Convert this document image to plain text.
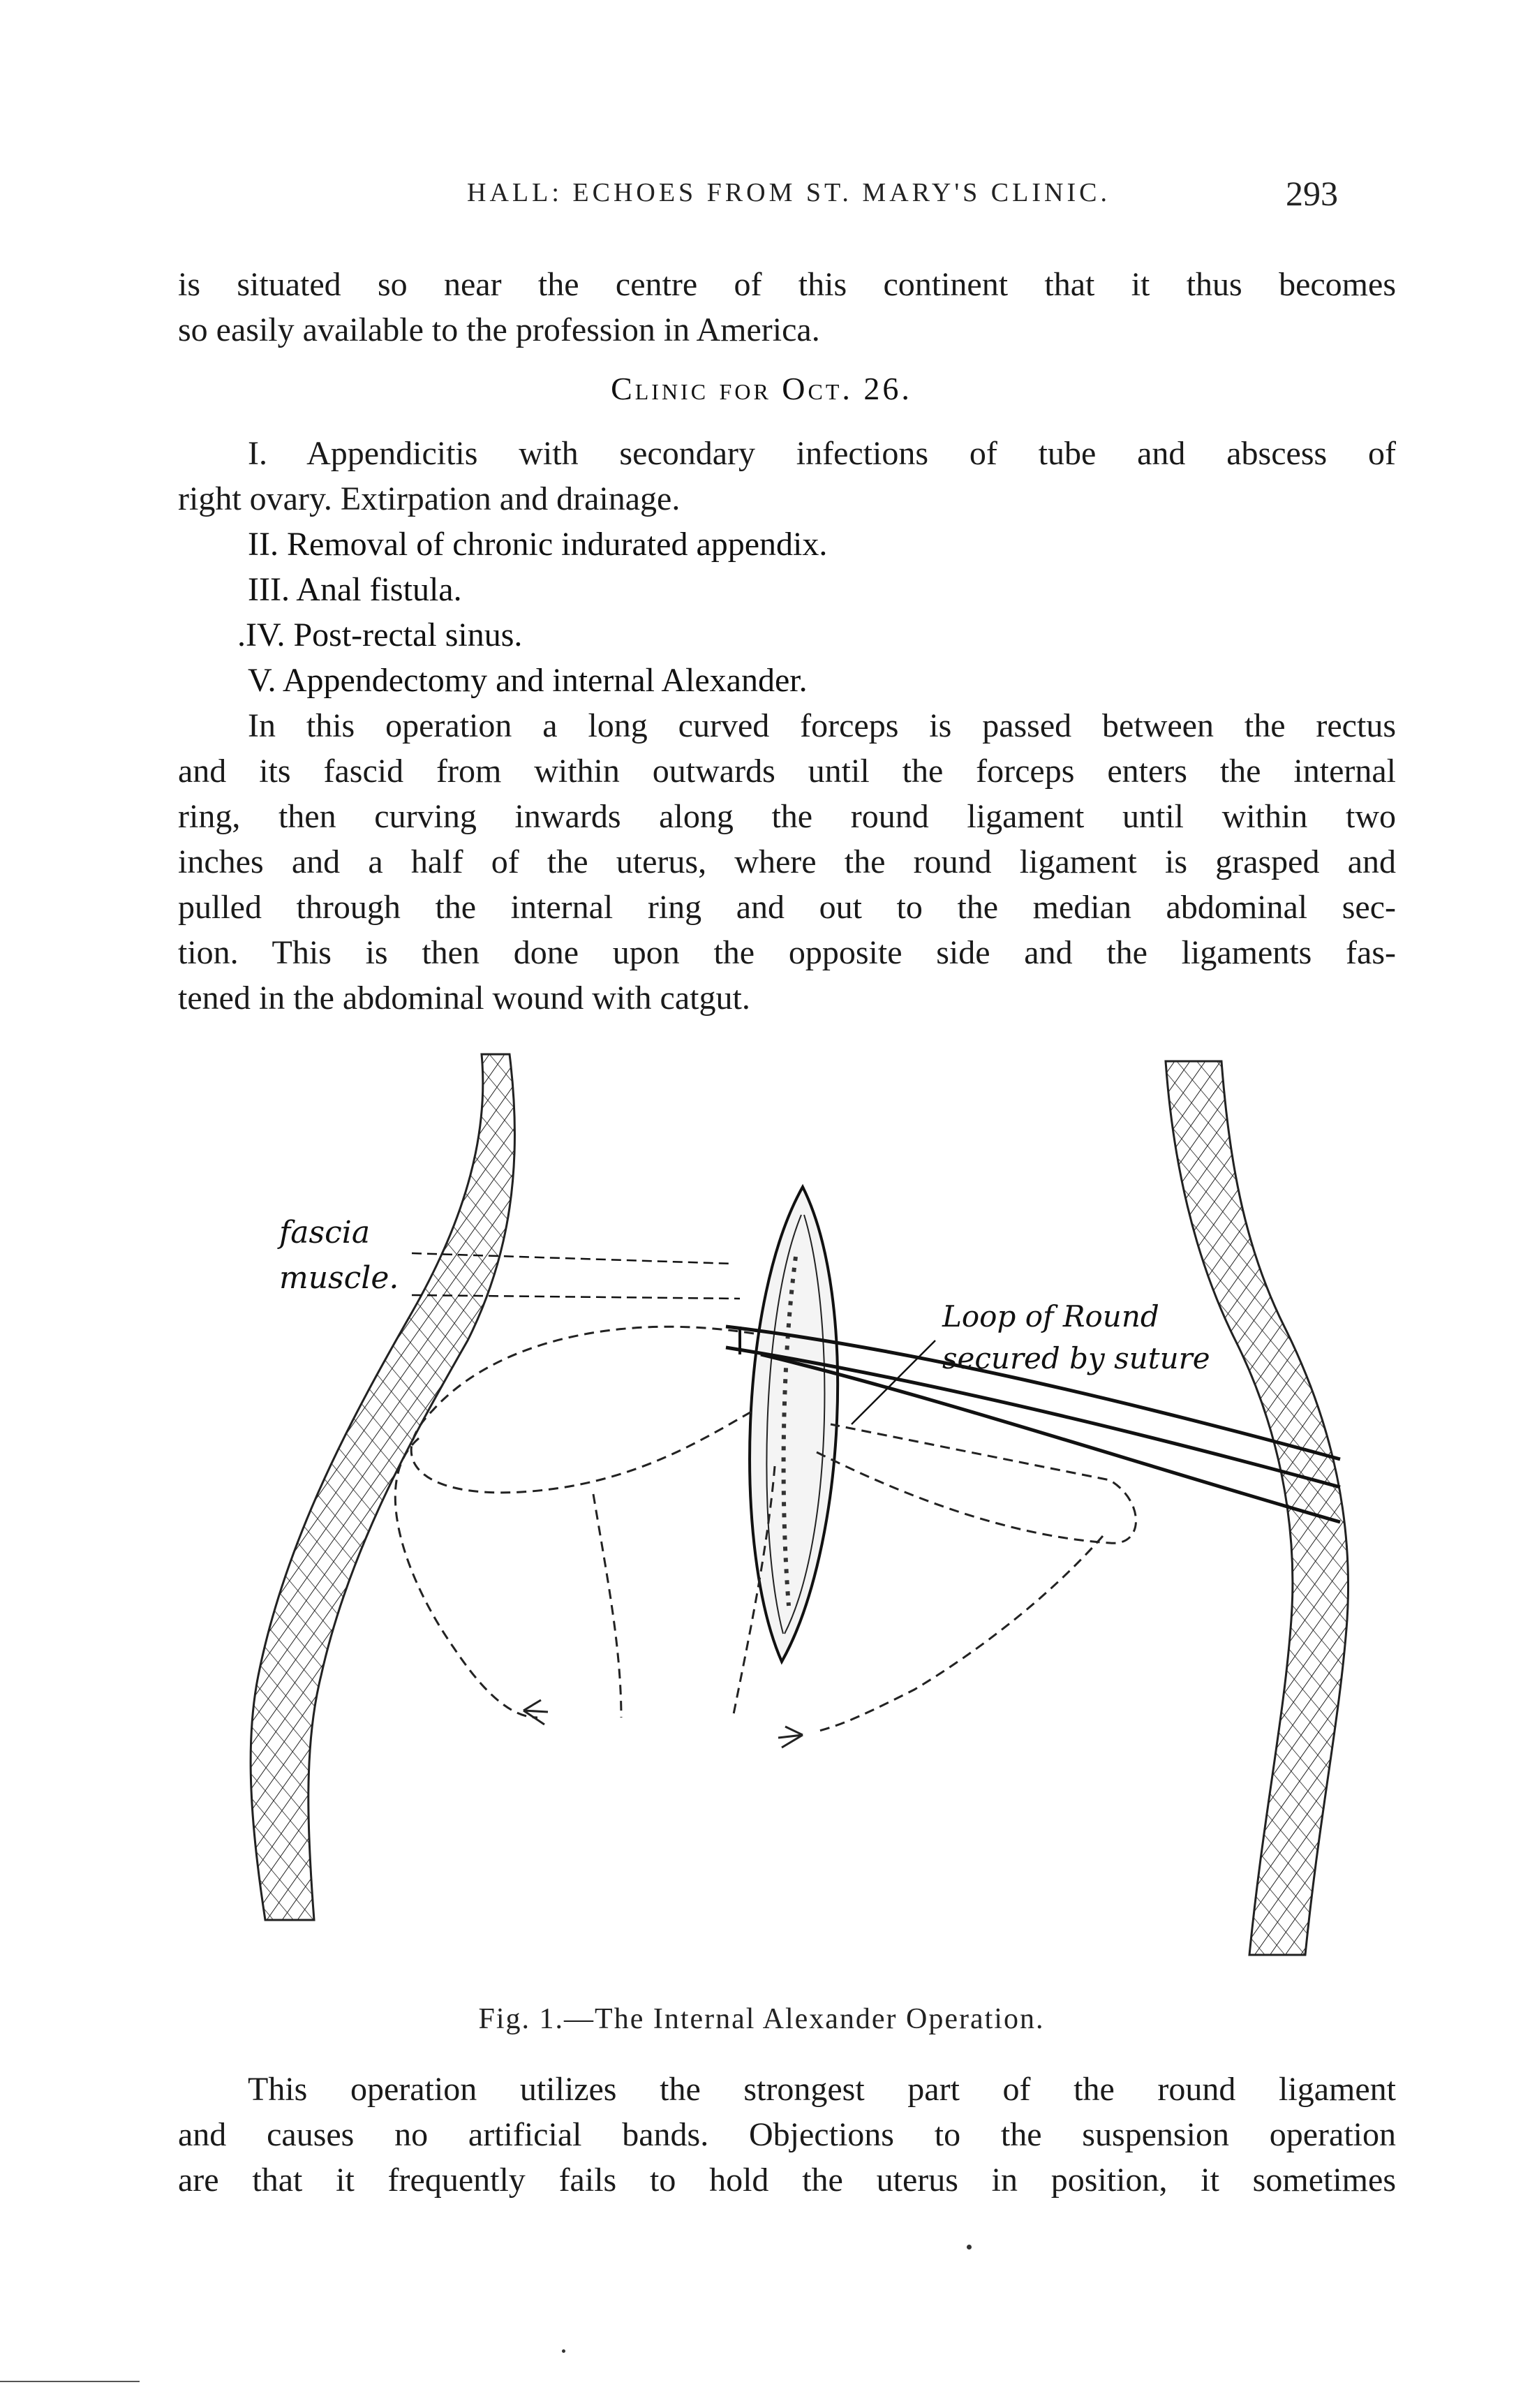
HALL: ECHOES FROM ST. MARY'S CLINIC.	293
is situated so near the centre of this continent that it thus becomes
so easily available to the profession in America.
Clinic for Oct. 26.
I. Appendicitis with secondary infections of tube and abscess of
right ovary. Extirpation and drainage.
II. Removal of chronic indurated appendix.
III. Anal fistula.
.IV. Post-rectal sinus.
V. Appendectomy and internal Alexander.
In this operation a long curved forceps is passed between the rectus
and its fascid from within outwards until the forceps enters the internal
ring, then curving inwards along the round ligament until within two
inches and a half of the uterus, where the round ligament is grasped and
pulled through the internal ring and out to the median abdominal sec-
tion. This is then done upon the opposite side and the ligaments fas-
tened in the abdominal wound with catgut.
fascia
muscle.
Loop of Round
secured by suture
Fig. 1.—The Internal Alexander Operation.
This operation utilizes the strongest part of the round ligament
and causes no artificial bands. Objections to the suspension operation
are that it frequently fails to hold the uterus in position, it sometimes
